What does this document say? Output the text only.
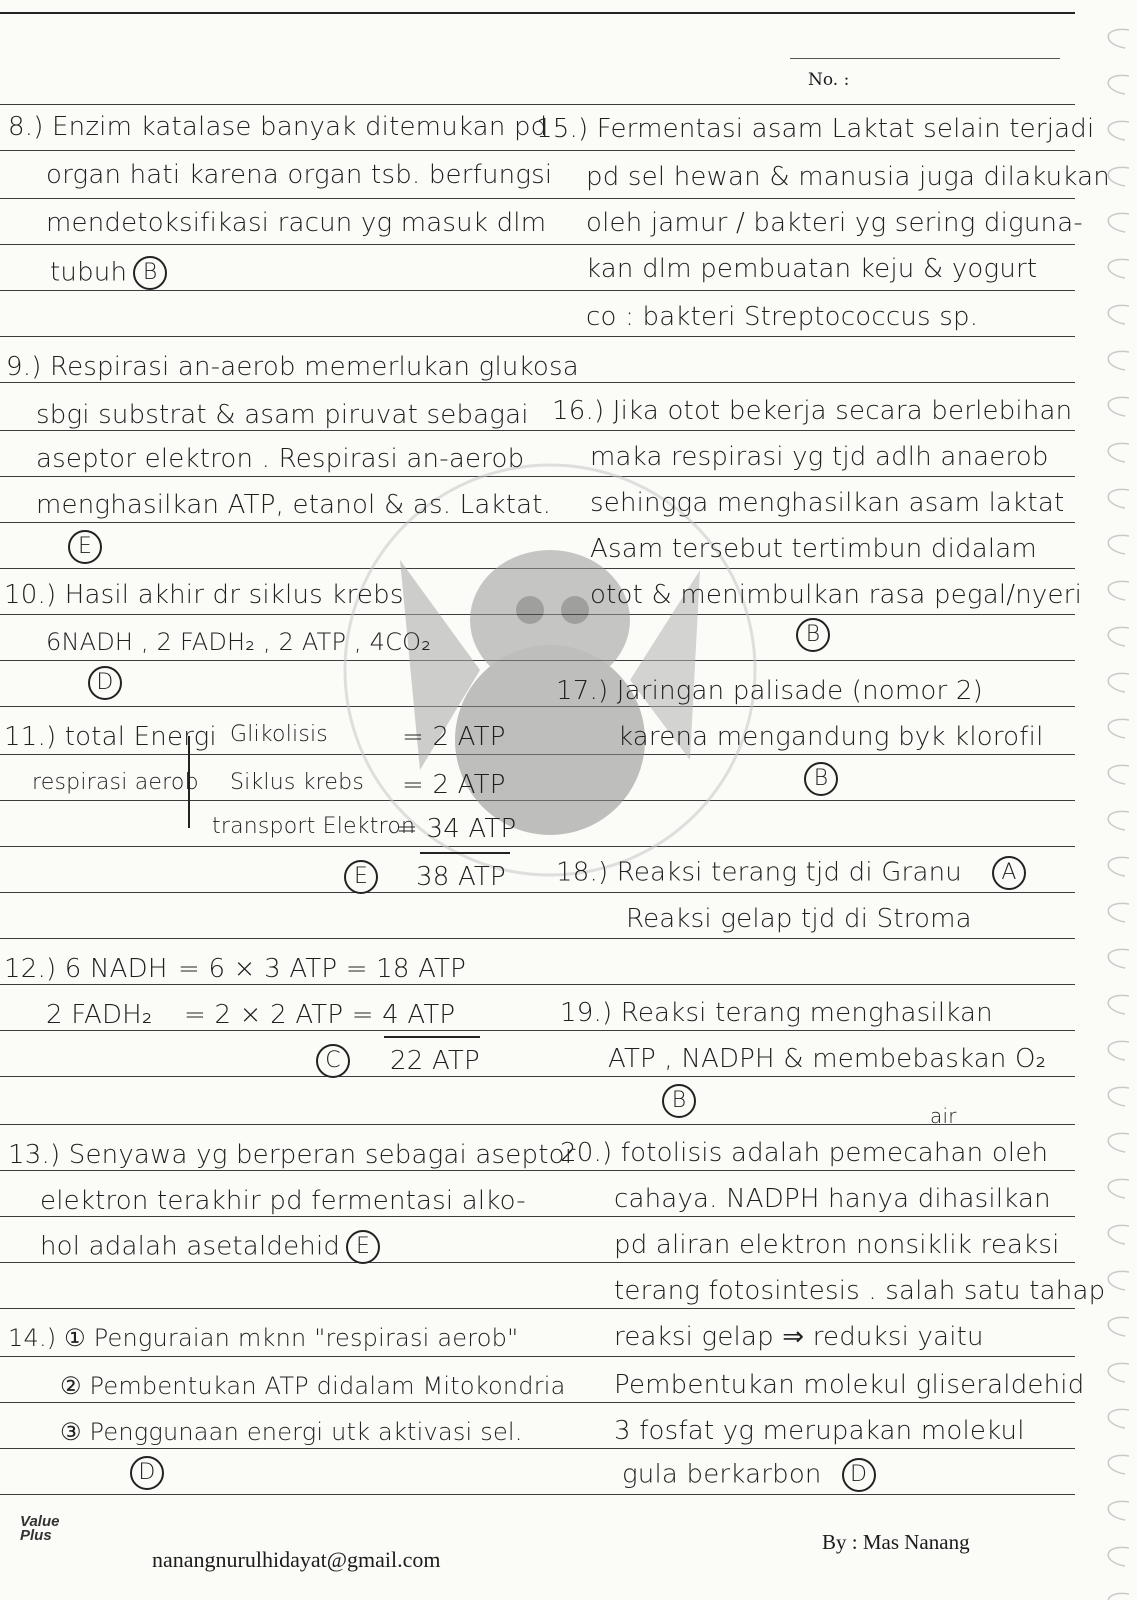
No. :
8.) Enzim katalase banyak ditemukan pd
organ hati karena organ tsb. berfungsi
mendetoksifikasi racun yg masuk dlm
tubuh B
9.) Respirasi an-aerob memerlukan glukosa
sbgi substrat & asam piruvat sebagai
aseptor elektron . Respirasi an-aerob
menghasilkan ATP, etanol & as. Laktat.
E
10.) Hasil akhir dr siklus krebs
6NADH , 2 FADH₂ , 2 ATP , 4CO₂
D
11.) total Energi
respirasi aerob
Glikolisis	= 2 ATP
Siklus krebs = 2 ATP
transport Elektron
= 34 ATP
E 38 ATP
12.) 6 NADH = 6 × 3 ATP = 18 ATP
2 FADH₂ = 2 × 2 ATP = 4 ATP
C 22 ATP
13.) Senyawa yg berperan sebagai aseptor
elektron terakhir pd fermentasi alko-
hol adalah asetaldehid E
14.) ① Penguraian mknn "respirasi aerob"
② Pembentukan ATP didalam Mitokondria
③ Penggunaan energi utk aktivasi sel.
D
15.) Fermentasi asam Laktat selain terjadi
pd sel hewan & manusia juga dilakukan
oleh jamur / bakteri yg sering diguna-
kan dlm pembuatan keju & yogurt
co : bakteri Streptococcus sp.
16.) Jika otot bekerja secara berlebihan
maka respirasi yg tjd adlh anaerob
sehingga menghasilkan asam laktat
Asam tersebut tertimbun didalam
otot & menimbulkan rasa pegal/nyeri
B
17.) Jaringan palisade (nomor 2)
karena mengandung byk klorofil
B
18.) Reaksi terang tjd di Granu A
Reaksi gelap tjd di Stroma
19.) Reaksi terang menghasilkan
ATP , NADPH & membebaskan O₂
B
air
20.) fotolisis adalah pemecahan oleh
cahaya. NADPH hanya dihasilkan
pd aliran elektron nonsiklik reaksi
terang fotosintesis . salah satu tahap
reaksi gelap ⇒ reduksi yaitu
Pembentukan molekul gliseraldehid
3 fosfat yg merupakan molekul
gula berkarbon D
Value
Plus
nanangnurulhidayat@gmail.com
By : Mas Nanang
